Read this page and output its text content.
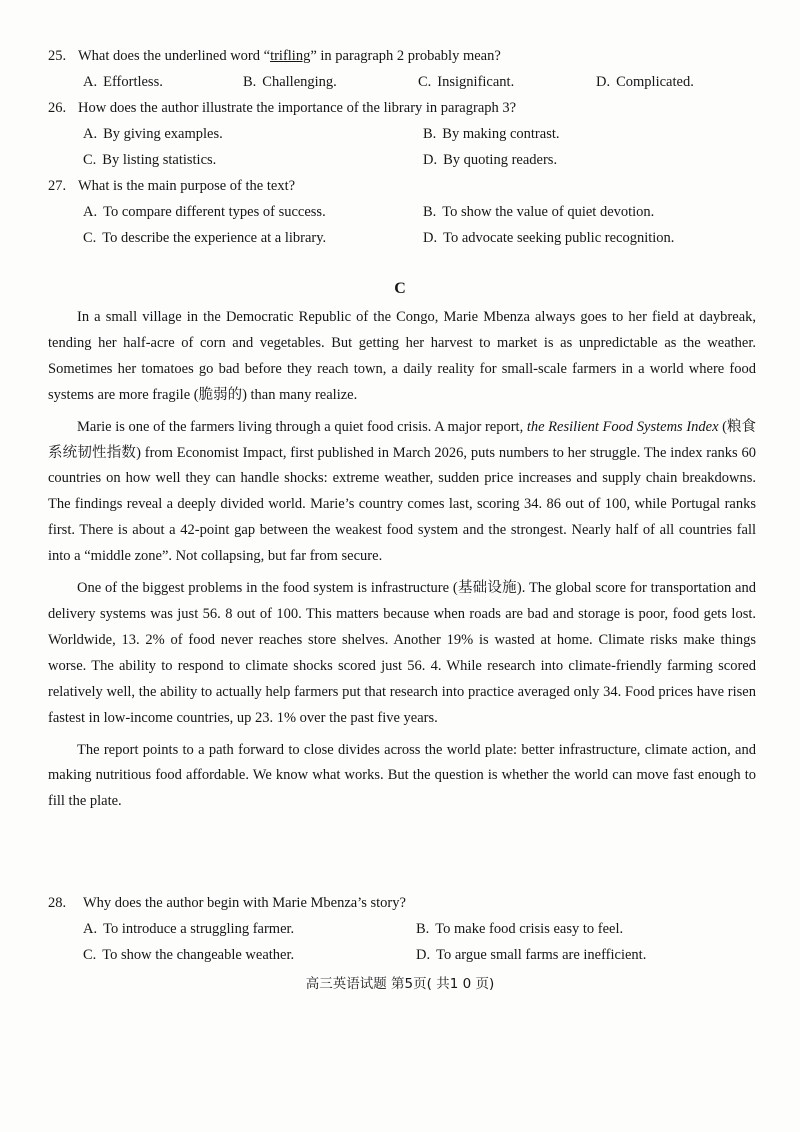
25. What does the underlined word “trifling” in paragraph 2 probably mean?
A. Effortless.	B. Challenging.	C. Insignificant.	D. Complicated.
26. How does the author illustrate the importance of the library in paragraph 3?
A. By giving examples.	B. By making contrast.
C. By listing statistics.	D. By quoting readers.
27. What is the main purpose of the text?
A. To compare different types of success.	B. To show the value of quiet devotion.
C. To describe the experience at a library.	D. To advocate seeking public recognition.
C

In a small village in the Democratic Republic of the Congo, Marie Mbenza always goes to her field at daybreak, tending her half-acre of corn and vegetables. But getting her harvest to market is as unpredictable as the weather. Sometimes her tomatoes go bad before they reach town, a daily reality for small-scale farmers in a world where food systems are more fragile (脆弱的) than many realize.

Marie is one of the farmers living through a quiet food crisis. A major report, the Resilient Food Systems Index (粮食系统韧性指数) from Economist Impact, first published in March 2026, puts numbers to her struggle. The index ranks 60 countries on how well they can handle shocks: extreme weather, sudden price increases and supply chain breakdowns. The findings reveal a deeply divided world. Marie’s country comes last, scoring 34. 86 out of 100, while Portugal ranks first. There is about a 42-point gap between the weakest food system and the strongest. Nearly half of all countries fall into a “middle zone”. Not collapsing, but far from secure.

One of the biggest problems in the food system is infrastructure (基础设施). The global score for transportation and delivery systems was just 56. 8 out of 100. This matters because when roads are bad and storage is poor, food gets lost. Worldwide, 13. 2% of food never reaches store shelves. Another 19% is wasted at home. Climate risks make things worse. The ability to respond to climate shocks scored just 56. 4. While research into climate-friendly farming scored relatively well, the ability to actually help farmers put that research into practice averaged only 34. Food prices have risen fastest in low-income countries, up 23. 1% over the past five years.

The report points to a path forward to close divides across the world plate: better infrastructure, climate action, and making nutritious food affordable. We know what works. But the question is whether the world can move fast enough to fill the plate.

28. Why does the author begin with Marie Mbenza’s story?
A. To introduce a struggling farmer.	B. To make food crisis easy to feel.
C. To show the changeable weather.	D. To argue small farms are inefficient.
高三英语试题 第5页( 共1 0 页)
